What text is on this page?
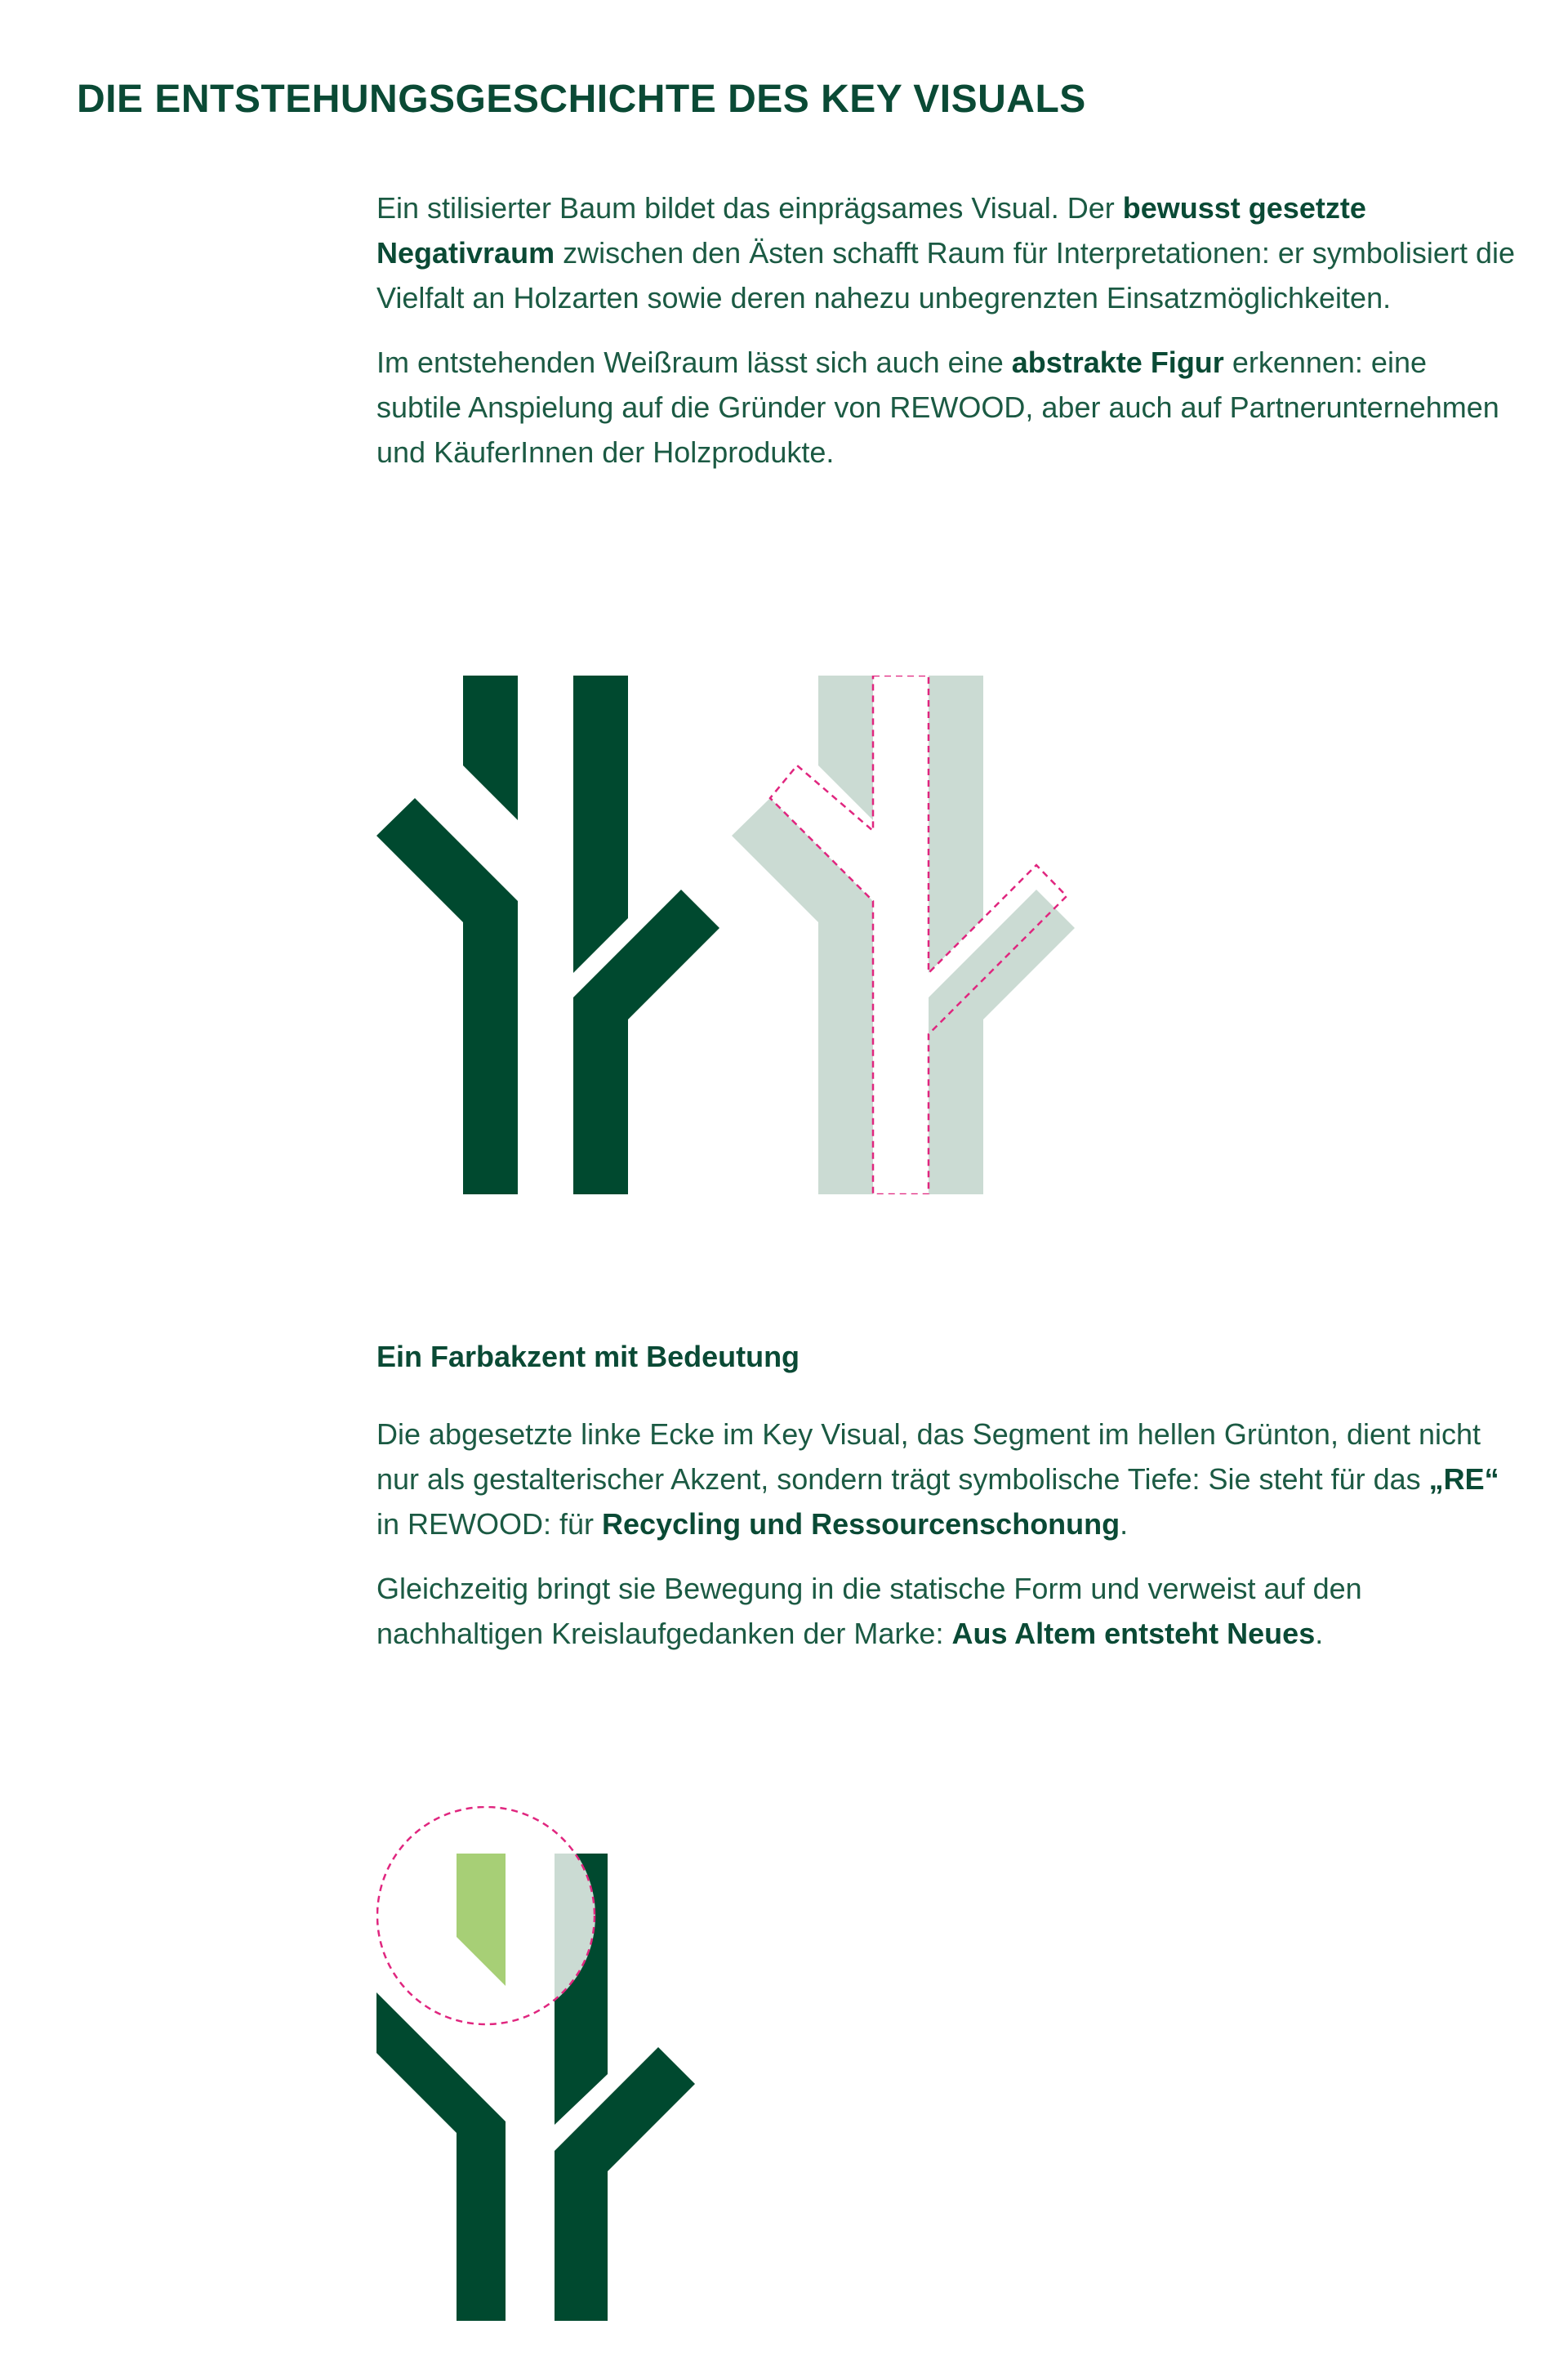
DIE ENTSTEHUNGSGESCHICHTE DES KEY VISUALS

Ein stilisierter Baum bildet das einprägsames Visual. Der bewusst gesetzte Negativraum zwischen den Ästen schafft Raum für Interpretationen: er symbolisiert die Vielfalt an Holzarten sowie deren nahezu unbegrenzten Einsatzmöglichkeiten.

Im entstehenden Weißraum lässt sich auch eine abstrakte Figur erkennen: eine subtile Anspielung auf die Gründer von REWOOD, aber auch auf Partnerunternehmen und KäuferInnen der Holzprodukte.

Ein Farbakzent mit Bedeutung

Die abgesetzte linke Ecke im Key Visual, das Segment im hellen Grünton, dient nicht nur als gestalterischer Akzent, sondern trägt symbolische Tiefe: Sie steht für das „RE“ in REWOOD: für Recycling und Ressourcenschonung.

Gleichzeitig bringt sie Bewegung in die statische Form und verweist auf den nachhaltigen Kreislaufgedanken der Marke: Aus Altem entsteht Neues.
